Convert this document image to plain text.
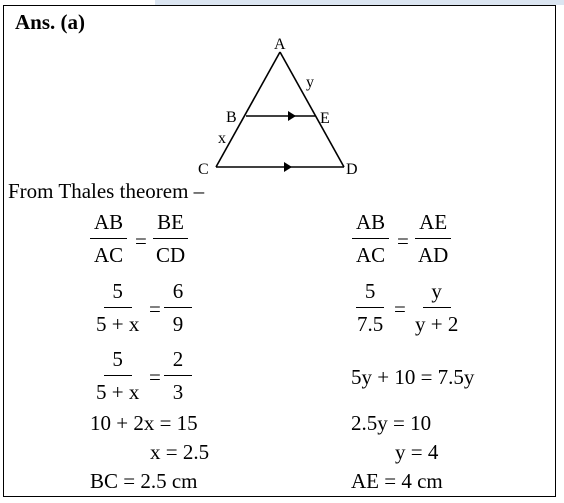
Ans. (a)
A
B	E
C	D
x
y
From Thales theorem –
$\frac{AB}{AC} = \frac{BE}{CD}$
$\frac{5}{5 + x} = \frac{6}{9}$
$\frac{5}{5 + x} = \frac{2}{3}$
10 + 2x = 15
x = 2.5
BC = 2.5 cm
$\frac{AB}{AC} = \frac{AE}{AD}$
$\frac{5}{7.5} = \frac{y}{y + 2}$
5y + 10 = 7.5y
2.5y = 10
y = 4
AE = 4 cm
